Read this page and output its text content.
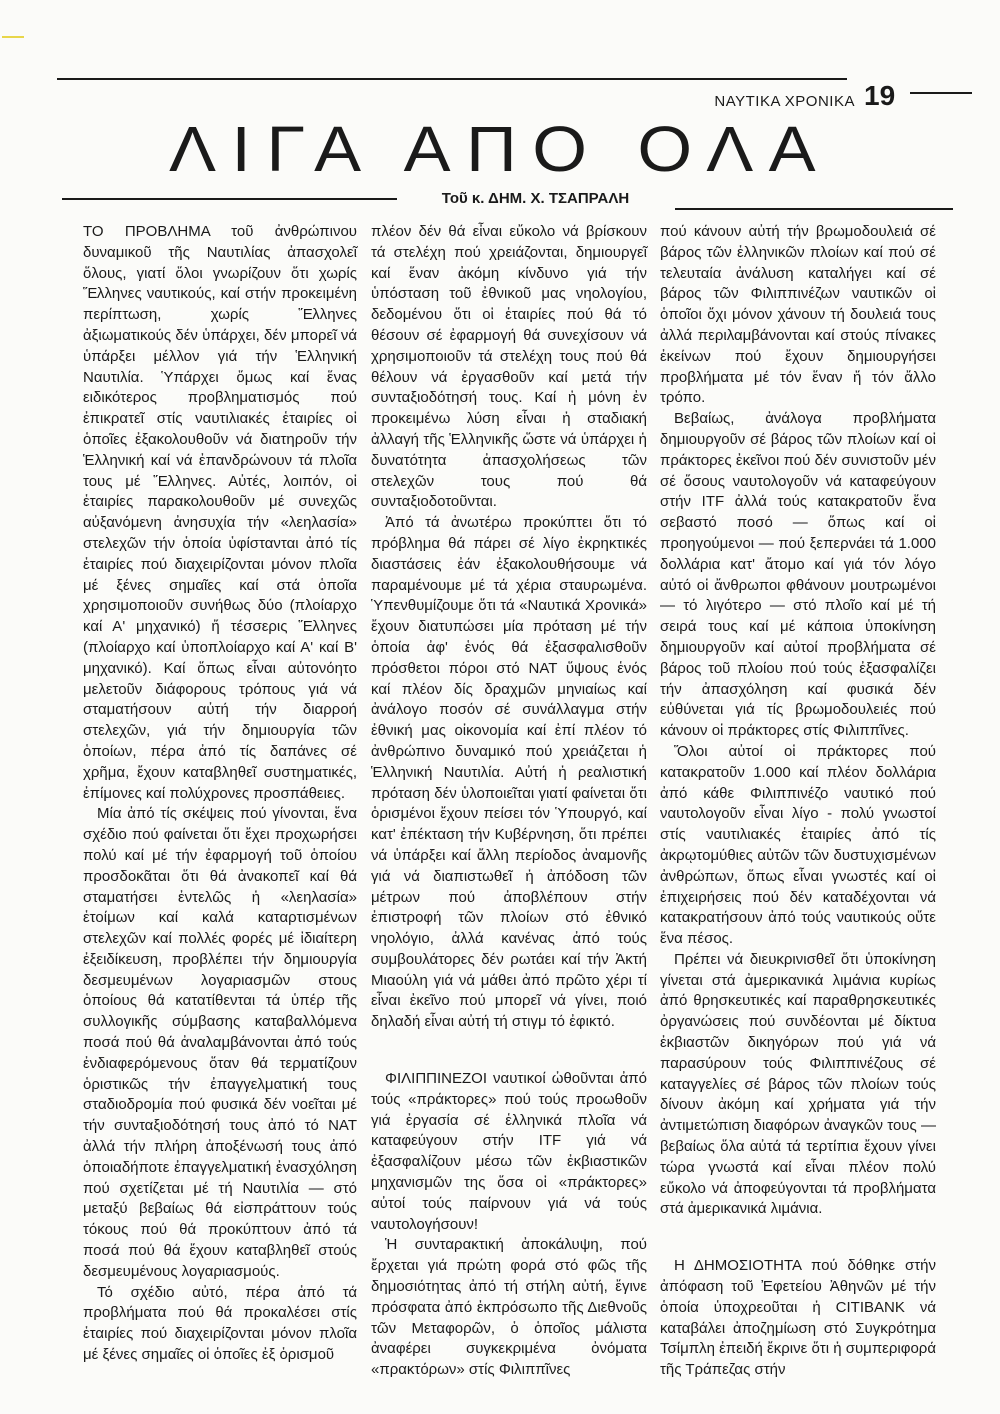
ΝΑΥΤΙΚΑ ΧΡΟΝΙΚΑ 19
ΛΙΓΑ ΑΠΟ ΟΛΑ
Τοῦ κ. ΔΗΜ. Χ. ΤΣΑΠΡΑΛΗ

ΤΟ ΠΡΟΒΛΗΜΑ τοῦ ἀνθρώπινου δυναμικοῦ τῆς Ναυτιλίας ἀπασχολεῖ ὅλους, γιατί ὅλοι γνωρίζουν ὅτι χωρίς Ἕλληνες ναυτικούς, καί στήν προκειμένη περίπτωση, χωρίς Ἕλληνες ἀξιωματικούς δέν ὑπάρχει, δέν μπορεῖ νά ὑπάρξει μέλλον γιά τήν Ἑλληνική Ναυτιλία. Ὑπάρχει ὅμως καί ἕνας ειδικότερος προβληματισμός πού ἐπικρατεῖ στίς ναυτιλιακές ἑταιρίες οἱ ὁποῖες ἐξακολουθοῦν νά διατηροῦν τήν Ἑλληνική καί νά ἐπανδρώνουν τά πλοῖα τους μέ Ἕλληνες. Αὐτές, λοιπόν, οἱ ἑταιρίες παρακολουθοῦν μέ συνεχῶς αὐξανόμενη ἀνησυχία τήν «λεηλασία» στελεχῶν τήν ὁποία ὑφίστανται ἀπό τίς ἑταιρίες πού διαχειρίζονται μόνον πλοῖα μέ ξένες σημαῖες καί στά ὁποῖα χρησιμοποιοῦν συνήθως δύο (πλοίαρχο καί Α' μηχανικό) ἤ τέσσερις Ἕλληνες (πλοίαρχο καί ὑποπλοίαρχο καί Α' καί Β' μηχανικό). Καί ὅπως εἶναι αὐτονόητο μελετοῦν διάφορους τρόπους γιά νά σταματήσουν αὐτή τήν διαρροή στελεχῶν, γιά τήν δημιουργία τῶν ὁποίων, πέρα ἀπό τίς δαπάνες σέ χρῆμα, ἔχουν καταβληθεῖ συστηματικές, ἐπίμονες καί πολύχρονες προσπάθειες.

Μία ἀπό τίς σκέψεις πού γίνονται, ἕνα σχέδιο πού φαίνεται ὅτι ἔχει προχωρήσει πολύ καί μέ τήν ἐφαρμογή τοῦ ὁποίου προσδοκᾶται ὅτι θά ἀνακοπεῖ καί θά σταματήσει ἐντελῶς ἡ «λεηλασία» ἑτοίμων καί καλά καταρτισμένων στελεχῶν καί πολλές φορές μέ ἰδιαίτερη ἐξειδίκευση, προβλέπει τήν δημιουργία δεσμευμένων λογαριασμῶν στους ὁποίους θά κατατίθενται τά ὑπέρ τῆς συλλογικῆς σύμβασης καταβαλλόμενα ποσά πού θά ἀναλαμβάνονται ἀπό τούς ἐνδιαφερόμενους ὅταν θά τερματίζουν ὁριστικῶς τήν ἐπαγγελματική τους σταδιοδρομία πού φυσικά δέν νοεῖται μέ τήν συνταξιοδότησή τους ἀπό τό ΝΑΤ ἀλλά τήν πλήρη ἀποξένωσή τους ἀπό ὁποιαδήποτε ἐπαγγελματική ἐνασχόληση πού σχετίζεται μέ τή Ναυτιλία — στό μεταξύ βεβαίως θά εἰσπράττουν τούς τόκους πού θά προκύπτουν ἀπό τά ποσά πού θά ἔχουν καταβληθεῖ στούς δεσμευμένους λογαριασμούς.

Τό σχέδιο αὐτό, πέρα ἀπό τά προβλήματα πού θά προκαλέσει στίς ἑταιρίες πού διαχειρίζονται μόνον πλοῖα μέ ξένες σημαῖες οἱ ὁποῖες ἐξ ὁρισμοῦ

πλέον δέν θά εἶναι εὔκολο νά βρίσκουν τά στελέχη πού χρειάζονται, δημιουργεῖ καί ἕναν ἀκόμη κίνδυνο γιά τήν ὑπόσταση τοῦ ἐθνικοῦ μας νηολογίου, δεδομένου ὅτι οἱ ἑταιρίες πού θά τό θέσουν σέ ἐφαρμογή θά συνεχίσουν νά χρησιμοποιοῦν τά στελέχη τους πού θά θέλουν νά ἐργασθοῦν καί μετά τήν συνταξιοδότησή τους. Καί ἡ μόνη ἐν προκειμένω λύση εἶναι ἡ σταδιακή ἀλλαγή τῆς Ἑλληνικῆς ὥστε νά ὑπάρχει ἡ δυνατότητα ἀπασχολήσεως τῶν στελεχῶν τους πού θά συνταξιοδοτοῦνται.

Ἀπό τά ἀνωτέρω προκύπτει ὅτι τό πρόβλημα θά πάρει σέ λίγο ἐκρηκτικές διαστάσεις ἐάν ἐξακολουθήσουμε νά παραμένουμε μέ τά χέρια σταυρωμένα. Ὑπενθυμίζουμε ὅτι τά «Ναυτικά Χρονικά» ἔχουν διατυπώσει μία πρόταση μέ τήν ὁποία ἀφ' ἑνός θά ἐξασφαλισθοῦν πρόσθετοι πόροι στό ΝΑΤ ὕψους ἑνός καί πλέον δίς δραχμῶν μηνιαίως καί ἀνάλογο ποσόν σέ συνάλλαγμα στήν ἐθνική μας οἰκονομία καί ἐπί πλέον τό ἀνθρώπινο δυναμικό πού χρειάζεται ἡ Ἑλληνική Ναυτιλία. Αὐτή ἡ ρεαλιστική πρόταση δέν ὑλοποιεῖται γιατί φαίνεται ὅτι ὁρισμένοι ἔχουν πείσει τόν Ὑπουργό, καί κατ' ἐπέκταση τήν Κυβέρνηση, ὅτι πρέπει νά ὑπάρξει καί ἄλλη περίοδος ἀναμονῆς γιά νά διαπιστωθεῖ ἡ ἀπόδοση τῶν μέτρων πού ἀποβλέπουν στήν ἐπιστροφή τῶν πλοίων στό ἐθνικό νηολόγιο, ἀλλά κανένας ἀπό τούς συμβουλάτορες δέν ρωτάει καί τήν Ἀκτή Μιαούλη γιά νά μάθει ἀπό πρῶτο χέρι τί εἶναι ἐκεῖνο πού μπορεῖ νά γίνει, ποιό δηλαδή εἶναι αὐτή τή στιγμ τό ἐφικτό.

ΦΙΛΙΠΠΙΝΕΖΟΙ ναυτικοί ὠθοῦνται ἀπό τούς «πράκτορες» πού τούς προωθοῦν γιά ἐργασία σέ ἑλληνικά πλοῖα νά καταφεύγουν στήν ITF γιά νά ἐξασφαλίζουν μέσω τῶν ἐκβιαστικῶν μηχανισμῶν της ὅσα οἱ «πράκτορες» αὐτοί τούς παίρνουν γιά νά τούς ναυτολογήσουν!

Ἡ συνταρακτική ἀποκάλυψη, πού ἔρχεται γιά πρώτη φορά στό φῶς τῆς δημοσιότητας ἀπό τή στήλη αὐτή, ἔγινε πρόσφατα ἀπό ἐκπρόσωπο τῆς Διεθνοῦς τῶν Μεταφορῶν, ὁ ὁποῖος μάλιστα ἀναφέρει συγκεκριμένα ὀνόματα «πρακτόρων» στίς Φιλιππῖνες

πού κάνουν αὐτή τήν βρωμοδουλειά σέ βάρος τῶν ἑλληνικῶν πλοίων καί πού σέ τελευταία ἀνάλυση καταλήγει καί σέ βάρος τῶν Φιλιππινέζων ναυτικῶν οἱ ὁποῖοι ὄχι μόνον χάνουν τή δουλειά τους ἀλλά περιλαμβάνονται καί στούς πίνακες ἐκείνων πού ἔχουν δημιουργήσει προβλήματα μέ τόν ἕναν ἤ τόν ἄλλο τρόπο.

Βεβαίως, ἀνάλογα προβλήματα δημιουργοῦν σέ βάρος τῶν πλοίων καί οἱ πράκτορες ἐκεῖνοι πού δέν συνιστοῦν μέν σέ ὅσους ναυτολογοῦν νά καταφεύγουν στήν ITF ἀλλά τούς κατακρατοῦν ἕνα σεβαστό ποσό — ὅπως καί οἱ προηγούμενοι — πού ξεπερνάει τά 1.000 δολλάρια κατ' ἄτομο καί γιά τόν λόγο αὐτό οἱ ἄνθρωποι φθάνουν μουτρωμένοι — τό λιγότερο — στό πλοῖο καί μέ τή σειρά τους καί μέ κάποια ὑποκίνηση δημιουργοῦν καί αὐτοί προβλήματα σέ βάρος τοῦ πλοίου πού τούς ἐξασφαλίζει τήν ἀπασχόληση καί φυσικά δέν εὐθύνεται γιά τίς βρωμοδουλειές πού κάνουν οἱ πράκτορες στίς Φιλιππῖνες.

Ὅλοι αὐτοί οἱ πράκτορες πού κατακρατοῦν 1.000 καί πλέον δολλάρια ἀπό κάθε Φιλιππινέζο ναυτικό πού ναυτολογοῦν εἶναι λίγο - πολύ γνωστοί στίς ναυτιλιακές ἑταιρίες ἀπό τίς ἀκρῳτομύθιες αὐτῶν τῶν δυστυχισμένων ἀνθρώπων, ὅπως εἶναι γνωστές καί οἱ ἐπιχειρήσεις πού δέν καταδέχονται νά κατακρατήσουν ἀπό τούς ναυτικούς οὔτε ἕνα πέσος.

Πρέπει νά διευκρινισθεῖ ὅτι ὑποκίνηση γίνεται στά ἀμερικανικά λιμάνια κυρίως ἀπό θρησκευτικές καί παραθρησκευτικές ὀργανώσεις πού συνδέονται μέ δίκτυα ἐκβιαστῶν δικηγόρων πού γιά νά παρασύρουν τούς Φιλιππινέζους σέ καταγγελίες σέ βάρος τῶν πλοίων τούς δίνουν ἀκόμη καί χρήματα γιά τήν ἀντιμετώπιση διαφόρων ἀναγκῶν τους — βεβαίως ὅλα αὐτά τά τερτίπια ἔχουν γίνει τώρα γνωστά καί εἶναι πλέον πολύ εὔκολο νά ἀποφεύγονται τά προβλήματα στά ἀμερικανικά λιμάνια.

Η ΔΗΜΟΣΙΟΤΗΤΑ πού δόθηκε στήν ἀπόφαση τοῦ Ἐφετείου Ἀθηνῶν μέ τήν ὁποία ὑποχρεοῦται ἡ CITIBANK νά καταβάλει ἀποζημίωση στό Συγκρότημα Τσίμπλη ἐπειδή ἔκρινε ὅτι ἡ συμπεριφορά τῆς Τράπεζας στήν
